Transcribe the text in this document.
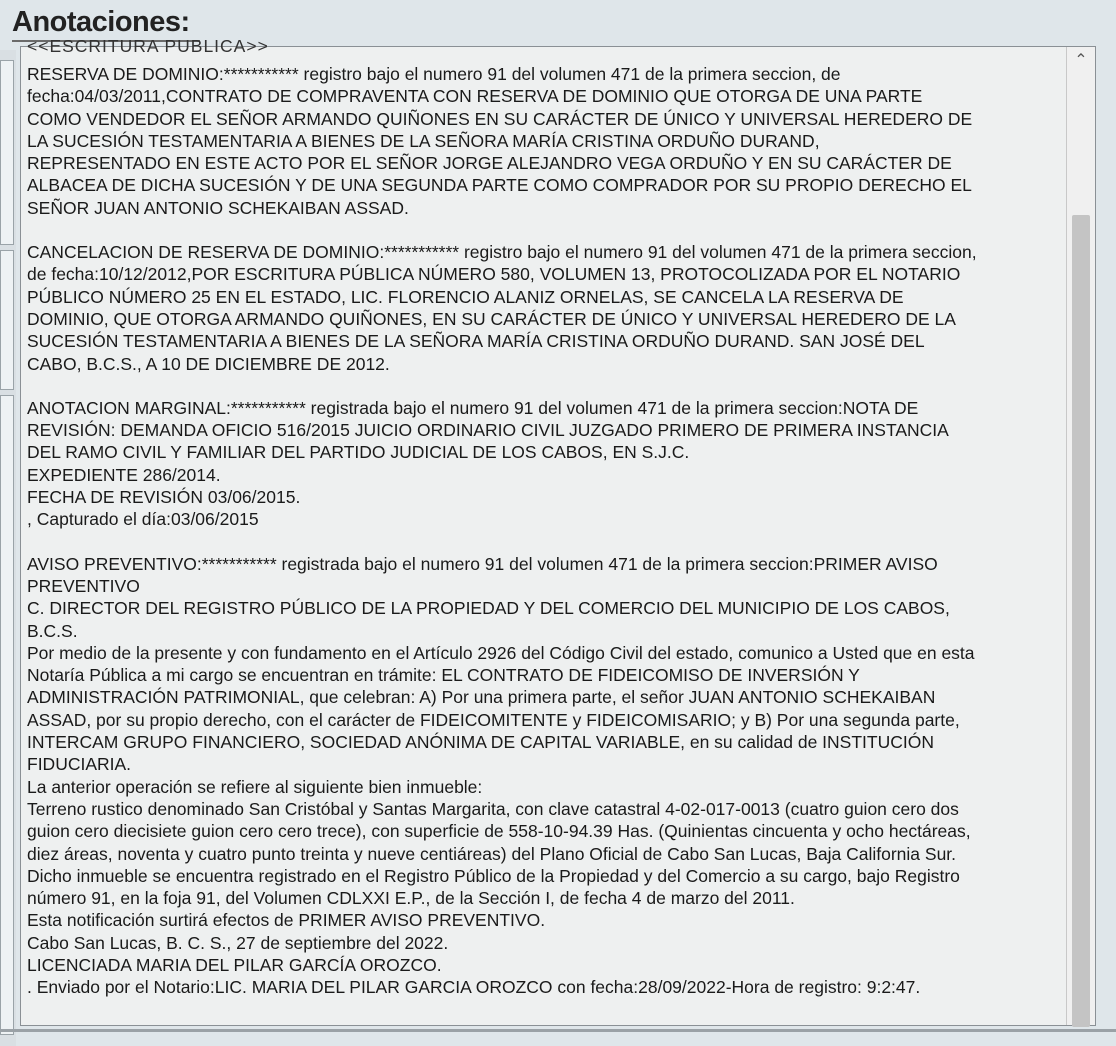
Anotaciones:
<<ESCRITURA PUBLICA>>
RESERVA DE DOMINIO:*********** registro bajo el numero 91 del volumen 471 de la primera seccion, de
fecha:04/03/2011,CONTRATO DE COMPRAVENTA CON RESERVA DE DOMINIO QUE OTORGA DE UNA PARTE
COMO VENDEDOR EL SEÑOR ARMANDO QUIÑONES EN SU CARÁCTER DE ÚNICO Y UNIVERSAL HEREDERO DE
LA SUCESIÓN TESTAMENTARIA A BIENES DE LA SEÑORA MARÍA CRISTINA ORDUÑO DURAND,
REPRESENTADO EN ESTE ACTO POR EL SEÑOR JORGE ALEJANDRO VEGA ORDUÑO Y EN SU CARÁCTER DE
ALBACEA DE DICHA SUCESIÓN Y DE UNA SEGUNDA PARTE COMO COMPRADOR POR SU PROPIO DERECHO EL
SEÑOR JUAN ANTONIO SCHEKAIBAN ASSAD.
CANCELACION DE RESERVA DE DOMINIO:*********** registro bajo el numero 91 del volumen 471 de la primera seccion,
de fecha:10/12/2012,POR ESCRITURA PÚBLICA NÚMERO 580, VOLUMEN 13, PROTOCOLIZADA POR EL NOTARIO
PÚBLICO NÚMERO 25 EN EL ESTADO, LIC. FLORENCIO ALANIZ ORNELAS, SE CANCELA LA RESERVA DE
DOMINIO, QUE OTORGA ARMANDO QUIÑONES, EN SU CARÁCTER DE ÚNICO Y UNIVERSAL HEREDERO DE LA
SUCESIÓN TESTAMENTARIA A BIENES DE LA SEÑORA MARÍA CRISTINA ORDUÑO DURAND. SAN JOSÉ DEL
CABO, B.C.S., A 10 DE DICIEMBRE DE 2012.
ANOTACION MARGINAL:*********** registrada bajo el numero 91 del volumen 471 de la primera seccion:NOTA DE
REVISIÓN: DEMANDA OFICIO 516/2015 JUICIO ORDINARIO CIVIL JUZGADO PRIMERO DE PRIMERA INSTANCIA
DEL RAMO CIVIL Y FAMILIAR DEL PARTIDO JUDICIAL DE LOS CABOS, EN S.J.C.
EXPEDIENTE 286/2014.
FECHA DE REVISIÓN 03/06/2015.
, Capturado el día:03/06/2015
AVISO PREVENTIVO:*********** registrada bajo el numero 91 del volumen 471 de la primera seccion:PRIMER AVISO
PREVENTIVO
C. DIRECTOR DEL REGISTRO PÚBLICO DE LA PROPIEDAD Y DEL COMERCIO DEL MUNICIPIO DE LOS CABOS,
B.C.S.
Por medio de la presente y con fundamento en el Artículo 2926 del Código Civil del estado, comunico a Usted que en esta
Notaría Pública a mi cargo se encuentran en trámite: EL CONTRATO DE FIDEICOMISO DE INVERSIÓN Y
ADMINISTRACIÓN PATRIMONIAL, que celebran: A) Por una primera parte, el señor JUAN ANTONIO SCHEKAIBAN
ASSAD, por su propio derecho, con el carácter de FIDEICOMITENTE y FIDEICOMISARIO; y B) Por una segunda parte,
INTERCAM GRUPO FINANCIERO, SOCIEDAD ANÓNIMA DE CAPITAL VARIABLE, en su calidad de INSTITUCIÓN
FIDUCIARIA.
La anterior operación se refiere al siguiente bien inmueble:
Terreno rustico denominado San Cristóbal y Santas Margarita, con clave catastral 4-02-017-0013 (cuatro guion cero dos
guion cero diecisiete guion cero cero trece), con superficie de 558-10-94.39 Has. (Quinientas cincuenta y ocho hectáreas,
diez áreas, noventa y cuatro punto treinta y nueve centiáreas) del Plano Oficial de Cabo San Lucas, Baja California Sur.
Dicho inmueble se encuentra registrado en el Registro Público de la Propiedad y del Comercio a su cargo, bajo Registro
número 91, en la foja 91, del Volumen CDLXXI E.P., de la Sección I, de fecha 4 de marzo del 2011.
Esta notificación surtirá efectos de PRIMER AVISO PREVENTIVO.
Cabo San Lucas, B. C. S., 27 de septiembre del 2022.
LICENCIADA MARIA DEL PILAR GARCÍA OROZCO.
. Enviado por el Notario:LIC. MARIA DEL PILAR GARCIA OROZCO con fecha:28/09/2022-Hora de registro: 9:2:47.
⌃
